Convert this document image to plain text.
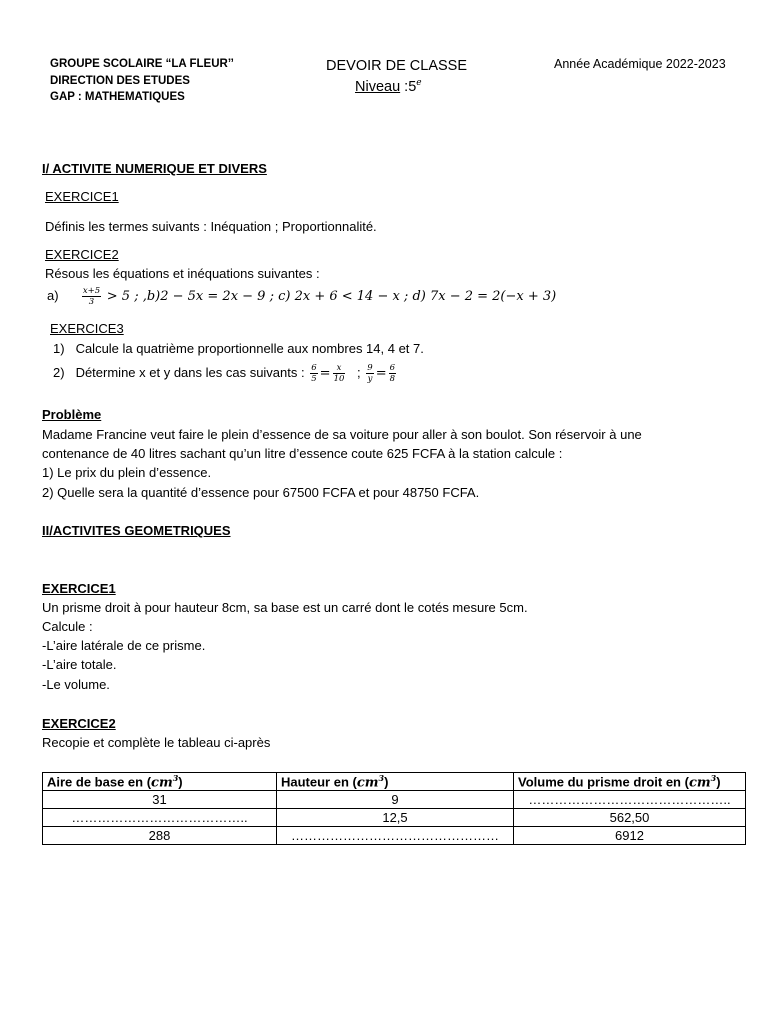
GROUPE SCOLAIRE “LA FLEUR’’
DIRECTION DES ETUDES
GAP : MATHEMATIQUES
DEVOIR DE CLASSE
Niveau :5e
Année Académique 2022-2023
I/ ACTIVITE NUMERIQUE ET DIVERS
EXERCICE1
Définis les termes suivants : Inéquation ; Proportionnalité.
EXERCICE2
Résous les équations et inéquations suivantes :
a)	$\frac{x+5}{3} > 5$ ; ,b)2 − 5x = 2x − 9 ; c) 2x + 6 < 14 − x ; d) 7x − 2 = 2(−x + 3)
EXERCICE3
1) Calcule la quatrième proportionnelle aux nombres 14, 4 et 7.
2) Détermine x et y dans les cas suivants : $\frac{6}{5} = \frac{x}{10}$ ; $\frac{9}{y} = \frac{6}{8}$
Problème
Madame Francine veut faire le plein d’essence de sa voiture pour aller à son boulot. Son réservoir à une
contenance de 40 litres sachant qu’un litre d’essence coute 625 FCFA à la station calcule :
1) Le prix du plein d’essence.
2) Quelle sera la quantité d’essence pour 67500 FCFA et pour 48750 FCFA.
II/ACTIVITES GEOMETRIQUES
EXERCICE1
Un prisme droit à pour hauteur 8cm, sa base est un carré dont le cotés mesure 5cm.
Calcule :
-L’aire latérale de ce prisme.
-L’aire totale.
-Le volume.
EXERCICE2
Recopie et complète le tableau ci-après
Aire de base en $(cm^3)$	Hauteur en $(cm^3)$	Volume du prisme droit en $(cm^3)$
31	9	………………………………………..
…………………………………..	12,5	562,50
288	…………………………………………	6912
